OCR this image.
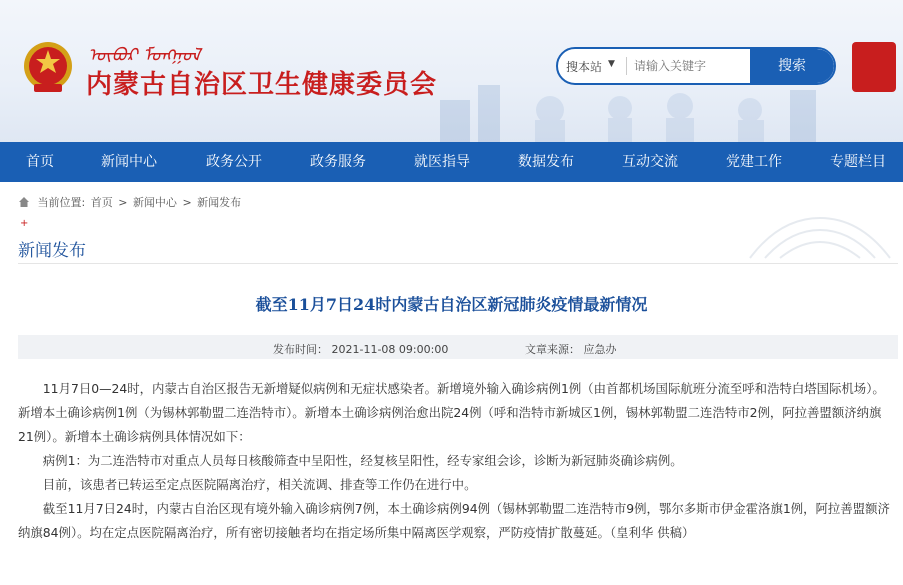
ᠦᠪᠦᠷ ᠮᠣᠩᠭᠣᠯ
内蒙古自治区卫生健康委员会
搜本站 ▼
请输入关键字	搜索
首页	新闻中心	政务公开	政务服务	就医指导	数据发布	互动交流	党建工作	专题栏目
当前位置: 首页 > 新闻中心 > 新闻发布
+
新闻发布
截至11月7日24时内蒙古自治区新冠肺炎疫情最新情况
发布时间： 2021-11-08 09:00:00	文章来源： 应急办

11月7日0—24时，内蒙古自治区报告无新增疑似病例和无症状感染者。新增境外输入确诊病例1例（由首都机场国际航班分流至呼和浩特白塔国际机场）。新增本土确诊病例1例（为锡林郭勒盟二连浩特市）。新增本土确诊病例治愈出院24例（呼和浩特市新城区1例，锡林郭勒盟二连浩特市2例，阿拉善盟额济纳旗21例）。新增本土确诊病例具体情况如下：

病例1：为二连浩特市对重点人员每日核酸筛查中呈阳性，经复核呈阳性，经专家组会诊，诊断为新冠肺炎确诊病例。

目前，该患者已转运至定点医院隔离治疗，相关流调、排查等工作仍在进行中。

截至11月7日24时，内蒙古自治区现有境外输入确诊病例7例，本土确诊病例94例（锡林郭勒盟二连浩特市9例，鄂尔多斯市伊金霍洛旗1例，阿拉善盟额济纳旗84例）。均在定点医院隔离治疗，所有密切接触者均在指定场所集中隔离医学观察，严防疫情扩散蔓延。（皇利华 供稿）
